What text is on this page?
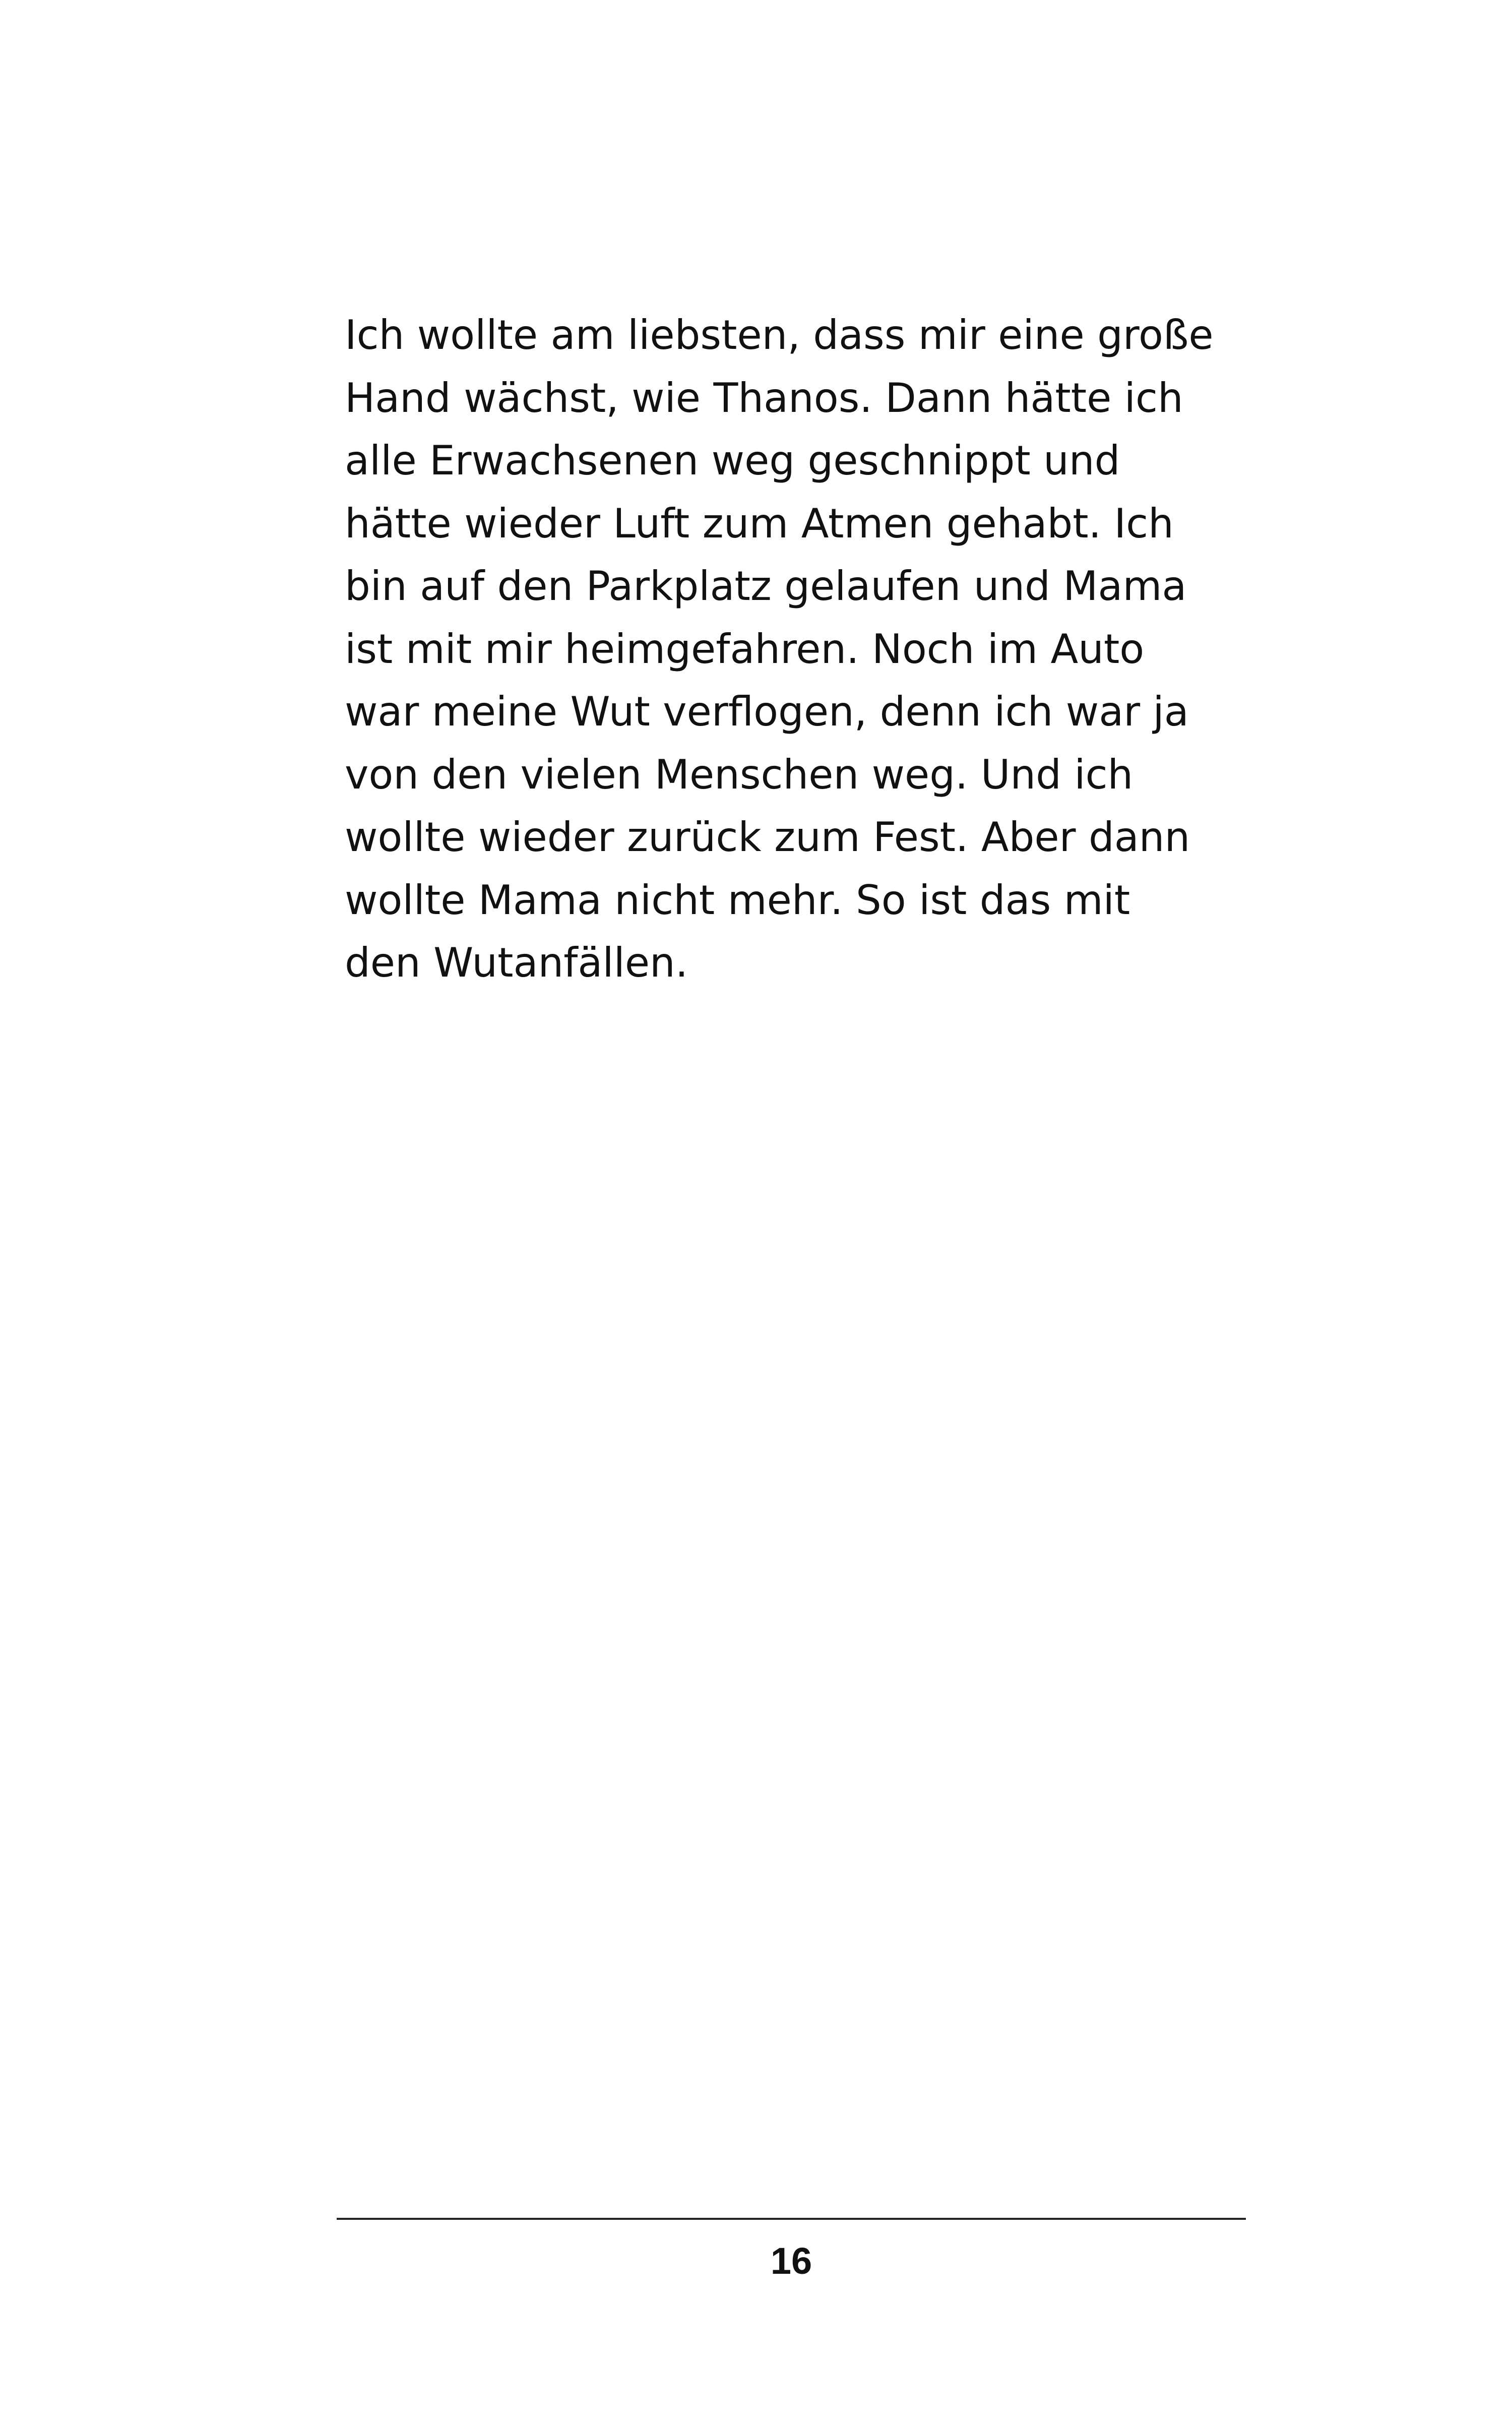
Ich wollte am liebsten, dass mir eine große
Hand wächst, wie Thanos. Dann hätte ich
alle Erwachsenen weg geschnippt und
hätte wieder Luft zum Atmen gehabt. Ich
bin auf den Parkplatz gelaufen und Mama
ist mit mir heimgefahren. Noch im Auto
war meine Wut verflogen, denn ich war ja
von den vielen Menschen weg. Und ich
wollte wieder zurück zum Fest. Aber dann
wollte Mama nicht mehr. So ist das mit
den Wutanfällen.

16
